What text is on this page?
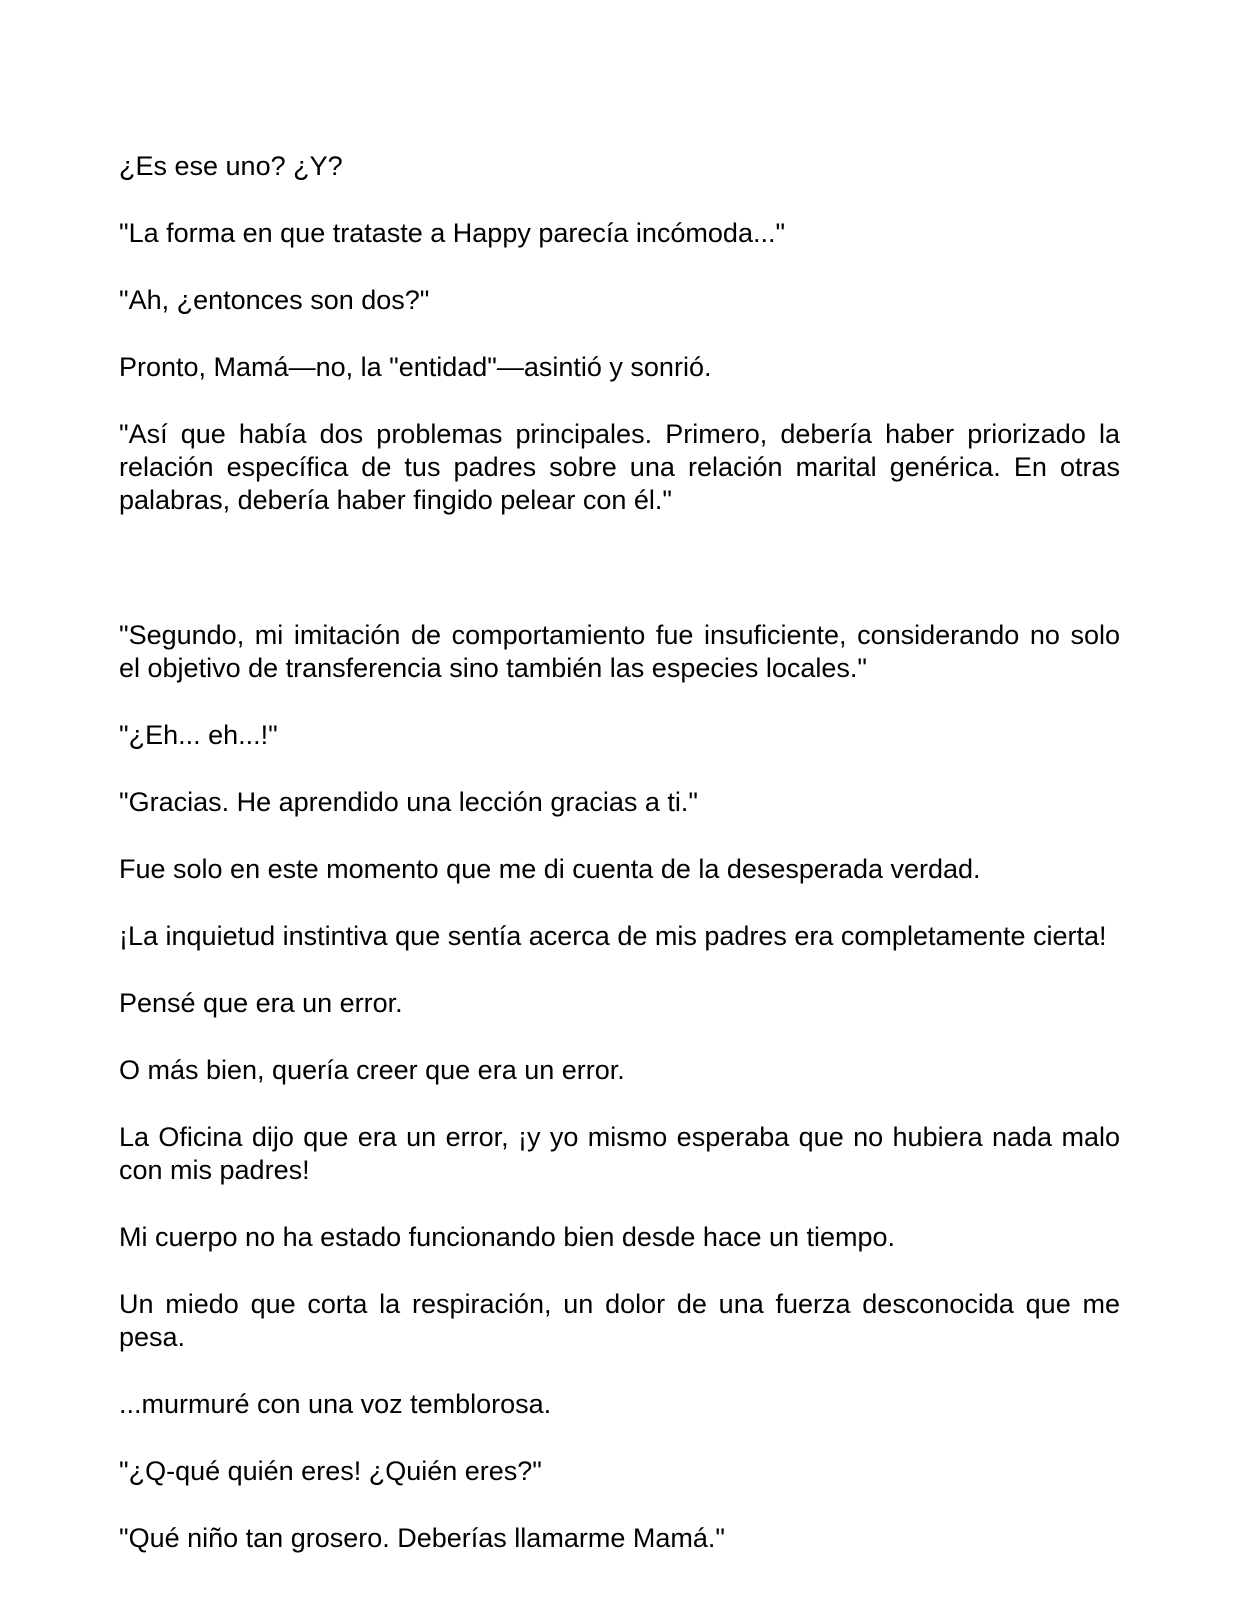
¿Es ese uno? ¿Y?

"La forma en que trataste a Happy parecía incómoda..."

"Ah, ¿entonces son dos?"

Pronto, Mamá—no, la "entidad"—asintió y sonrió.

"Así que había dos problemas principales. Primero, debería haber priorizado la relación específica de tus padres sobre una relación marital genérica. En otras palabras, debería haber fingido pelear con él."

"Segundo, mi imitación de comportamiento fue insuficiente, considerando no solo el objetivo de transferencia sino también las especies locales."

"¿Eh... eh...!"

"Gracias. He aprendido una lección gracias a ti."

Fue solo en este momento que me di cuenta de la desesperada verdad.

¡La inquietud instintiva que sentía acerca de mis padres era completamente cierta!

Pensé que era un error.

O más bien, quería creer que era un error.

La Oficina dijo que era un error, ¡y yo mismo esperaba que no hubiera nada malo con mis padres!

Mi cuerpo no ha estado funcionando bien desde hace un tiempo.

Un miedo que corta la respiración, un dolor de una fuerza desconocida que me pesa.

...murmuré con una voz temblorosa.

"¿Q-qué quién eres! ¿Quién eres?"

"Qué niño tan grosero. Deberías llamarme Mamá."
